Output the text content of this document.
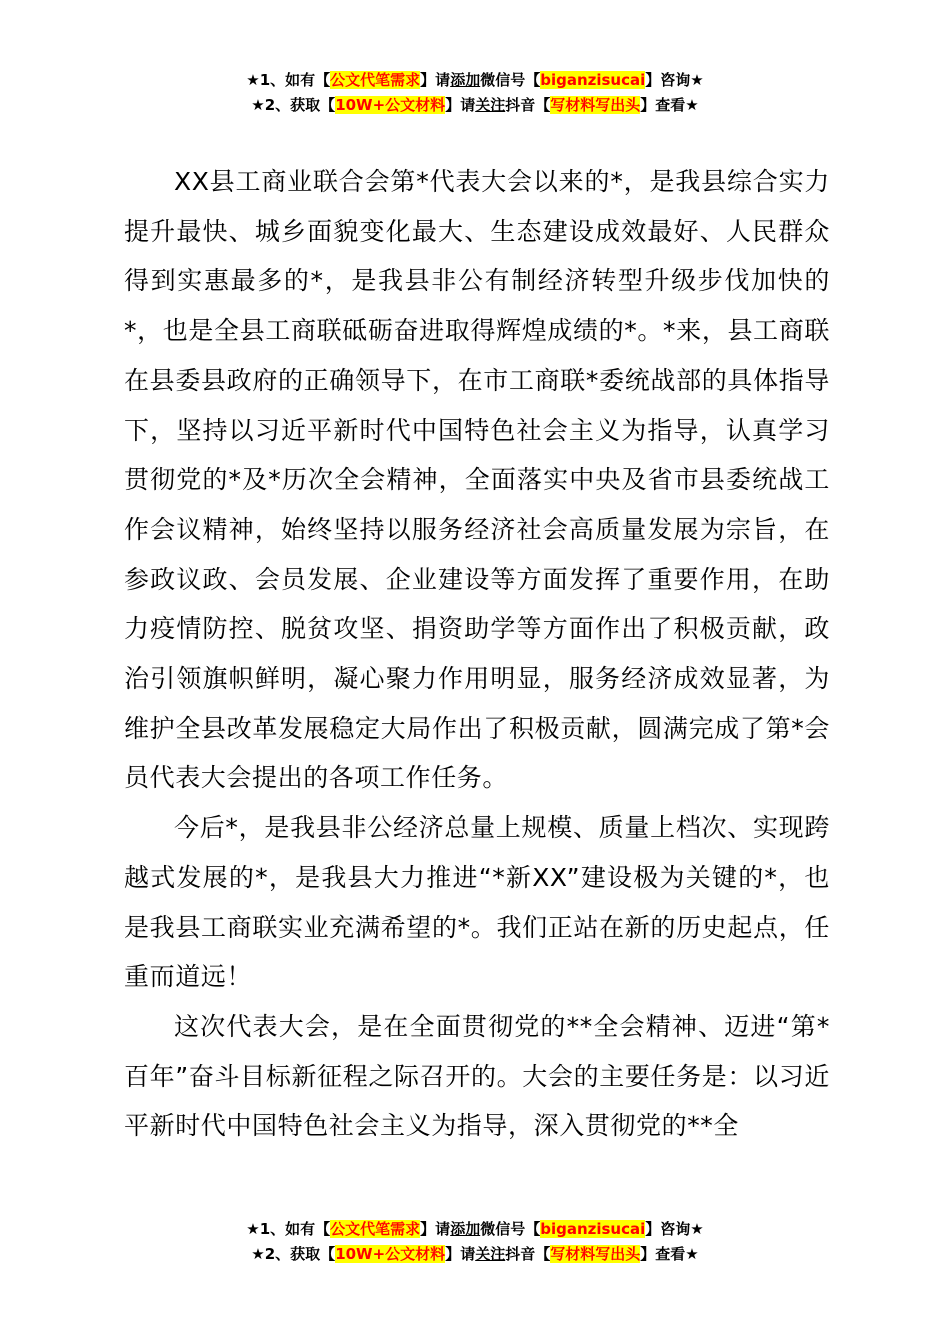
★1、如有【公文代笔需求】请添加微信号【biganzisucai】咨询★
★2、获取【10W+公文材料】请关注抖音【写材料写出头】查看★

XX县工商业联合会第*代表大会以来的*，是我县综合实力提升最快、城乡面貌变化最大、生态建设成效最好、人民群众得到实惠最多的*，是我县非公有制经济转型升级步伐加快的*，也是全县工商联砥砺奋进取得辉煌成绩的*。*来，县工商联在县委县政府的正确领导下，在市工商联*委统战部的具体指导下，坚持以习近平新时代中国特色社会主义为指导，认真学习贯彻党的*及*历次全会精神，全面落实中央及省市县委统战工作会议精神，始终坚持以服务经济社会高质量发展为宗旨，在参政议政、会员发展、企业建设等方面发挥了重要作用，在助力疫情防控、脱贫攻坚、捐资助学等方面作出了积极贡献，政治引领旗帜鲜明，凝心聚力作用明显，服务经济成效显著，为维护全县改革发展稳定大局作出了积极贡献，圆满完成了第*会员代表大会提出的各项工作任务。

今后*，是我县非公经济总量上规模、质量上档次、实现跨越式发展的*，是我县大力推进“*新XX”建设极为关键的*，也是我县工商联实业充满希望的*。我们正站在新的历史起点，任重而道远！

这次代表大会，是在全面贯彻党的**全会精神、迈进“第*百年”奋斗目标新征程之际召开的。大会的主要任务是：以习近平新时代中国特色社会主义为指导，深入贯彻党的**全

★1、如有【公文代笔需求】请添加微信号【biganzisucai】咨询★
★2、获取【10W+公文材料】请关注抖音【写材料写出头】查看★
